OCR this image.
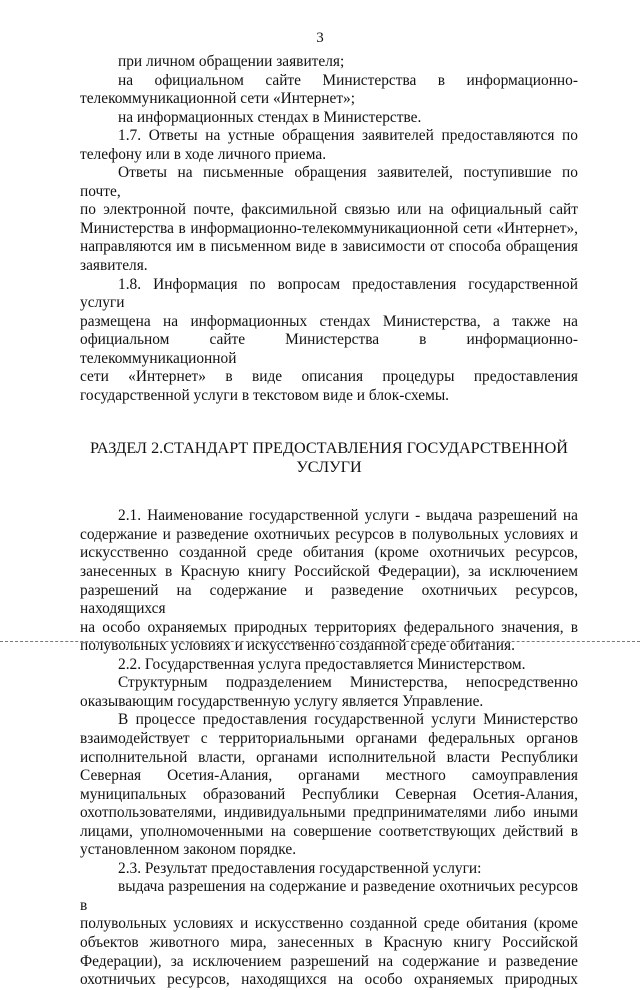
3
при личном обращении заявителя;
на официальном сайте Министерства в информационно-
телекоммуникационной сети «Интернет»;
на информационных стендах в Министерстве.
1.7. Ответы на устные обращения заявителей предоставляются по
телефону или в ходе личного приема.
Ответы на письменные обращения заявителей, поступившие по почте,
по электронной почте, факсимильной связью или на официальный сайт
Министерства в информационно-телекоммуникационной сети «Интернет»,
направляются им в письменном виде в зависимости от способа обращения
заявителя.
1.8. Информация по вопросам предоставления государственной услуги
размещена на информационных стендах Министерства, а также на
официальном сайте Министерства в информационно-телекоммуникационной
сети «Интернет» в виде описания процедуры предоставления
государственной услуги в текстовом виде и блок-схемы.
РАЗДЕЛ 2.СТАНДАРТ ПРЕДОСТАВЛЕНИЯ ГОСУДАРСТВЕННОЙ
УСЛУГИ
2.1. Наименование государственной услуги - выдача разрешений на
содержание и разведение охотничьих ресурсов в полувольных условиях и
искусственно созданной среде обитания (кроме охотничьих ресурсов,
занесенных в Красную книгу Российской Федерации), за исключением
разрешений на содержание и разведение охотничьих ресурсов, находящихся
на особо охраняемых природных территориях федерального значения, в
полувольных условиях и искусственно созданной среде обитания.
2.2. Государственная услуга предоставляется Министерством.
Структурным подразделением Министерства, непосредственно
оказывающим государственную услугу является Управление.
В процессе предоставления государственной услуги Министерство
взаимодействует с территориальными органами федеральных органов
исполнительной власти, органами исполнительной власти Республики
Северная Осетия-Алания, органами местного самоуправления
муниципальных образований Республики Северная Осетия-Алания,
охотпользователями, индивидуальными предпринимателями либо иными
лицами, уполномоченными на совершение соответствующих действий в
установленном законом порядке.
2.3. Результат предоставления государственной услуги:
выдача разрешения на содержание и разведение охотничьих ресурсов в
полувольных условиях и искусственно созданной среде обитания (кроме
объектов животного мира, занесенных в Красную книгу Российской
Федерации), за исключением разрешений на содержание и разведение
охотничьих ресурсов, находящихся на особо охраняемых природных
